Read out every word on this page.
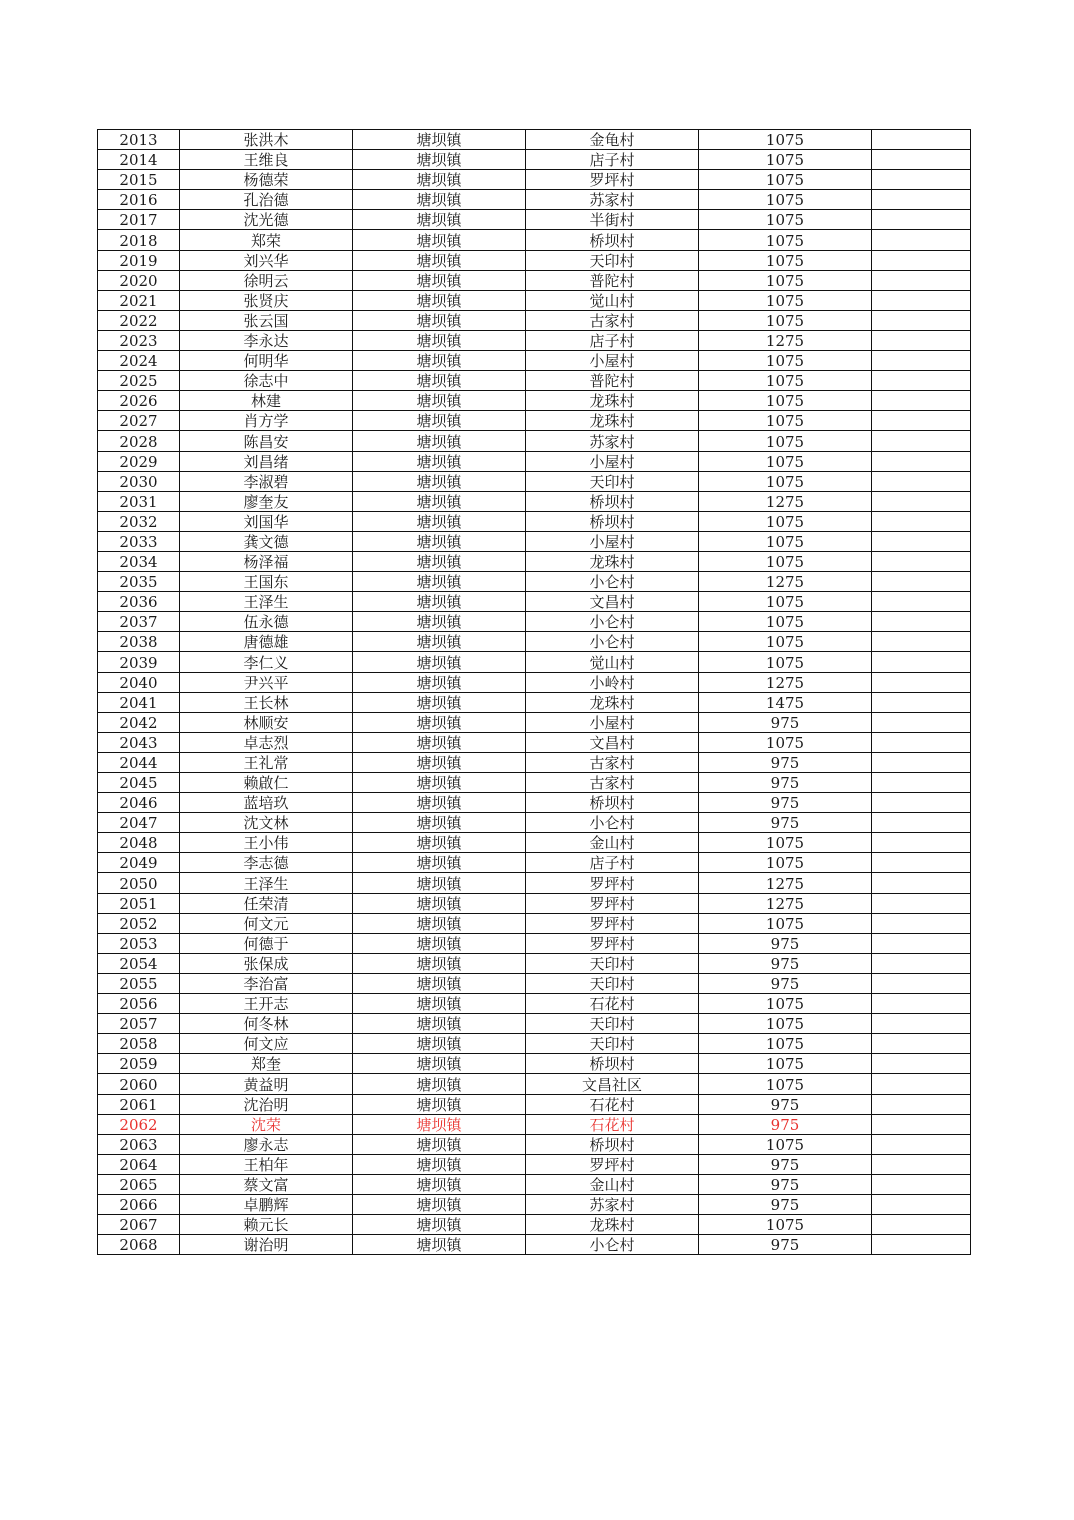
2013	张洪木	塘坝镇	金龟村	1075	
2014	王维良	塘坝镇	店子村	1075	
2015	杨德荣	塘坝镇	罗坪村	1075	
2016	孔治德	塘坝镇	苏家村	1075	
2017	沈光德	塘坝镇	半街村	1075	
2018	郑荣	塘坝镇	桥坝村	1075	
2019	刘兴华	塘坝镇	天印村	1075	
2020	徐明云	塘坝镇	普陀村	1075	
2021	张贤庆	塘坝镇	觉山村	1075	
2022	张云国	塘坝镇	古家村	1075	
2023	李永达	塘坝镇	店子村	1275	
2024	何明华	塘坝镇	小屋村	1075	
2025	徐志中	塘坝镇	普陀村	1075	
2026	林建	塘坝镇	龙珠村	1075	
2027	肖方学	塘坝镇	龙珠村	1075	
2028	陈昌安	塘坝镇	苏家村	1075	
2029	刘昌绪	塘坝镇	小屋村	1075	
2030	李淑碧	塘坝镇	天印村	1075	
2031	廖奎友	塘坝镇	桥坝村	1275	
2032	刘国华	塘坝镇	桥坝村	1075	
2033	龚文德	塘坝镇	小屋村	1075	
2034	杨泽福	塘坝镇	龙珠村	1075	
2035	王国东	塘坝镇	小仑村	1275	
2036	王泽生	塘坝镇	文昌村	1075	
2037	伍永德	塘坝镇	小仑村	1075	
2038	唐德雄	塘坝镇	小仑村	1075	
2039	李仁义	塘坝镇	觉山村	1075	
2040	尹兴平	塘坝镇	小岭村	1275	
2041	王长林	塘坝镇	龙珠村	1475	
2042	林顺安	塘坝镇	小屋村	975	
2043	卓志烈	塘坝镇	文昌村	1075	
2044	王礼常	塘坝镇	古家村	975	
2045	赖啟仁	塘坝镇	古家村	975	
2046	蓝培玖	塘坝镇	桥坝村	975	
2047	沈文林	塘坝镇	小仑村	975	
2048	王小伟	塘坝镇	金山村	1075	
2049	李志德	塘坝镇	店子村	1075	
2050	王泽生	塘坝镇	罗坪村	1275	
2051	任荣清	塘坝镇	罗坪村	1275	
2052	何文元	塘坝镇	罗坪村	1075	
2053	何德于	塘坝镇	罗坪村	975	
2054	张保成	塘坝镇	天印村	975	
2055	李治富	塘坝镇	天印村	975	
2056	王开志	塘坝镇	石花村	1075	
2057	何冬林	塘坝镇	天印村	1075	
2058	何文应	塘坝镇	天印村	1075	
2059	郑奎	塘坝镇	桥坝村	1075	
2060	黄益明	塘坝镇	文昌社区	1075	
2061	沈治明	塘坝镇	石花村	975	
2062	沈荣	塘坝镇	石花村	975	
2063	廖永志	塘坝镇	桥坝村	1075	
2064	王柏年	塘坝镇	罗坪村	975	
2065	蔡文富	塘坝镇	金山村	975	
2066	卓鹏辉	塘坝镇	苏家村	975	
2067	赖元长	塘坝镇	龙珠村	1075	
2068	谢治明	塘坝镇	小仑村	975	
